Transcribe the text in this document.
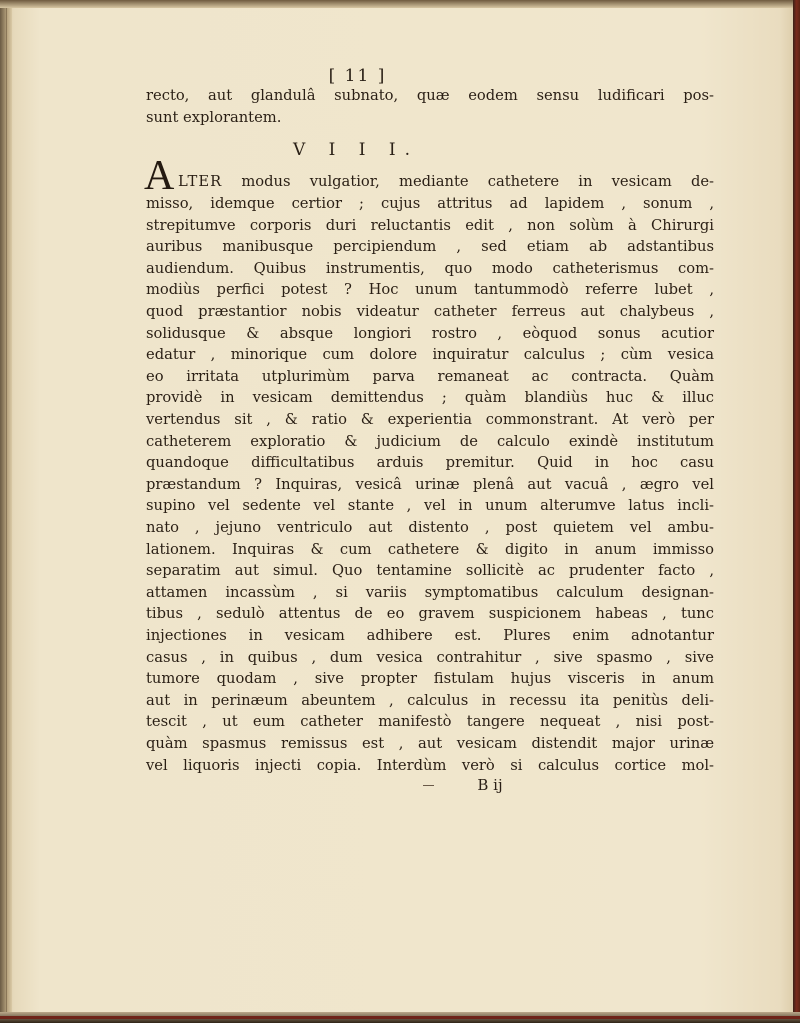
[ 11 ]
recto, aut glandulâ subnato, quæ eodem sensu ludificari pos-
sunt explorantem.
V I I I.
A LTER modus vulgatior, mediante cathetere in vesicam de-
misso, idemque certior ; cujus attritus ad lapidem , sonum ,
strepitumve corporis duri reluctantis edit , non solùm à Chirurgi
auribus manibusque percipiendum , sed etiam ab adstantibus
audiendum. Quibus instrumentis, quo modo catheterismus com-
modiùs perfici potest ? Hoc unum tantummodò referre lubet ,
quod præstantior nobis videatur catheter ferreus aut chalybeus ,
solidusque & absque longiori rostro , eòquod sonus acutior
edatur , minorique cum dolore inquiratur calculus ; cùm vesica
eo irritata utplurimùm parva remaneat ac contracta. Quàm
providè in vesicam demittendus ; quàm blandiùs huc & illuc
vertendus sit , & ratio & experientia commonstrant. At verò per
catheterem exploratio & judicium de calculo exindè institutum
quandoque difficultatibus arduis premitur. Quid in hoc casu
præstandum ? Inquiras, vesicâ urinæ plenâ aut vacuâ , ægro vel
supino vel sedente vel stante , vel in unum alterumve latus incli-
nato , jejuno ventriculo aut distento , post quietem vel ambu-
lationem. Inquiras & cum cathetere & digito in anum immisso
separatim aut simul. Quo tentamine sollicitè ac prudenter facto ,
attamen incassùm , si variis symptomatibus calculum designan-
tibus , sedulò attentus de eo gravem suspicionem habeas , tunc
injectiones in vesicam adhibere est. Plures enim adnotantur
casus , in quibus , dum vesica contrahitur , sive spasmo , sive
tumore quodam , sive propter fistulam hujus visceris in anum
aut in perinæum abeuntem , calculus in recessu ita penitùs deli-
tescit , ut eum catheter manifestò tangere nequeat , nisi post-
quàm spasmus remissus est , aut vesicam distendit major urinæ
vel liquoris injecti copia. Interdùm verò si calculus cortice mol-
B ij
